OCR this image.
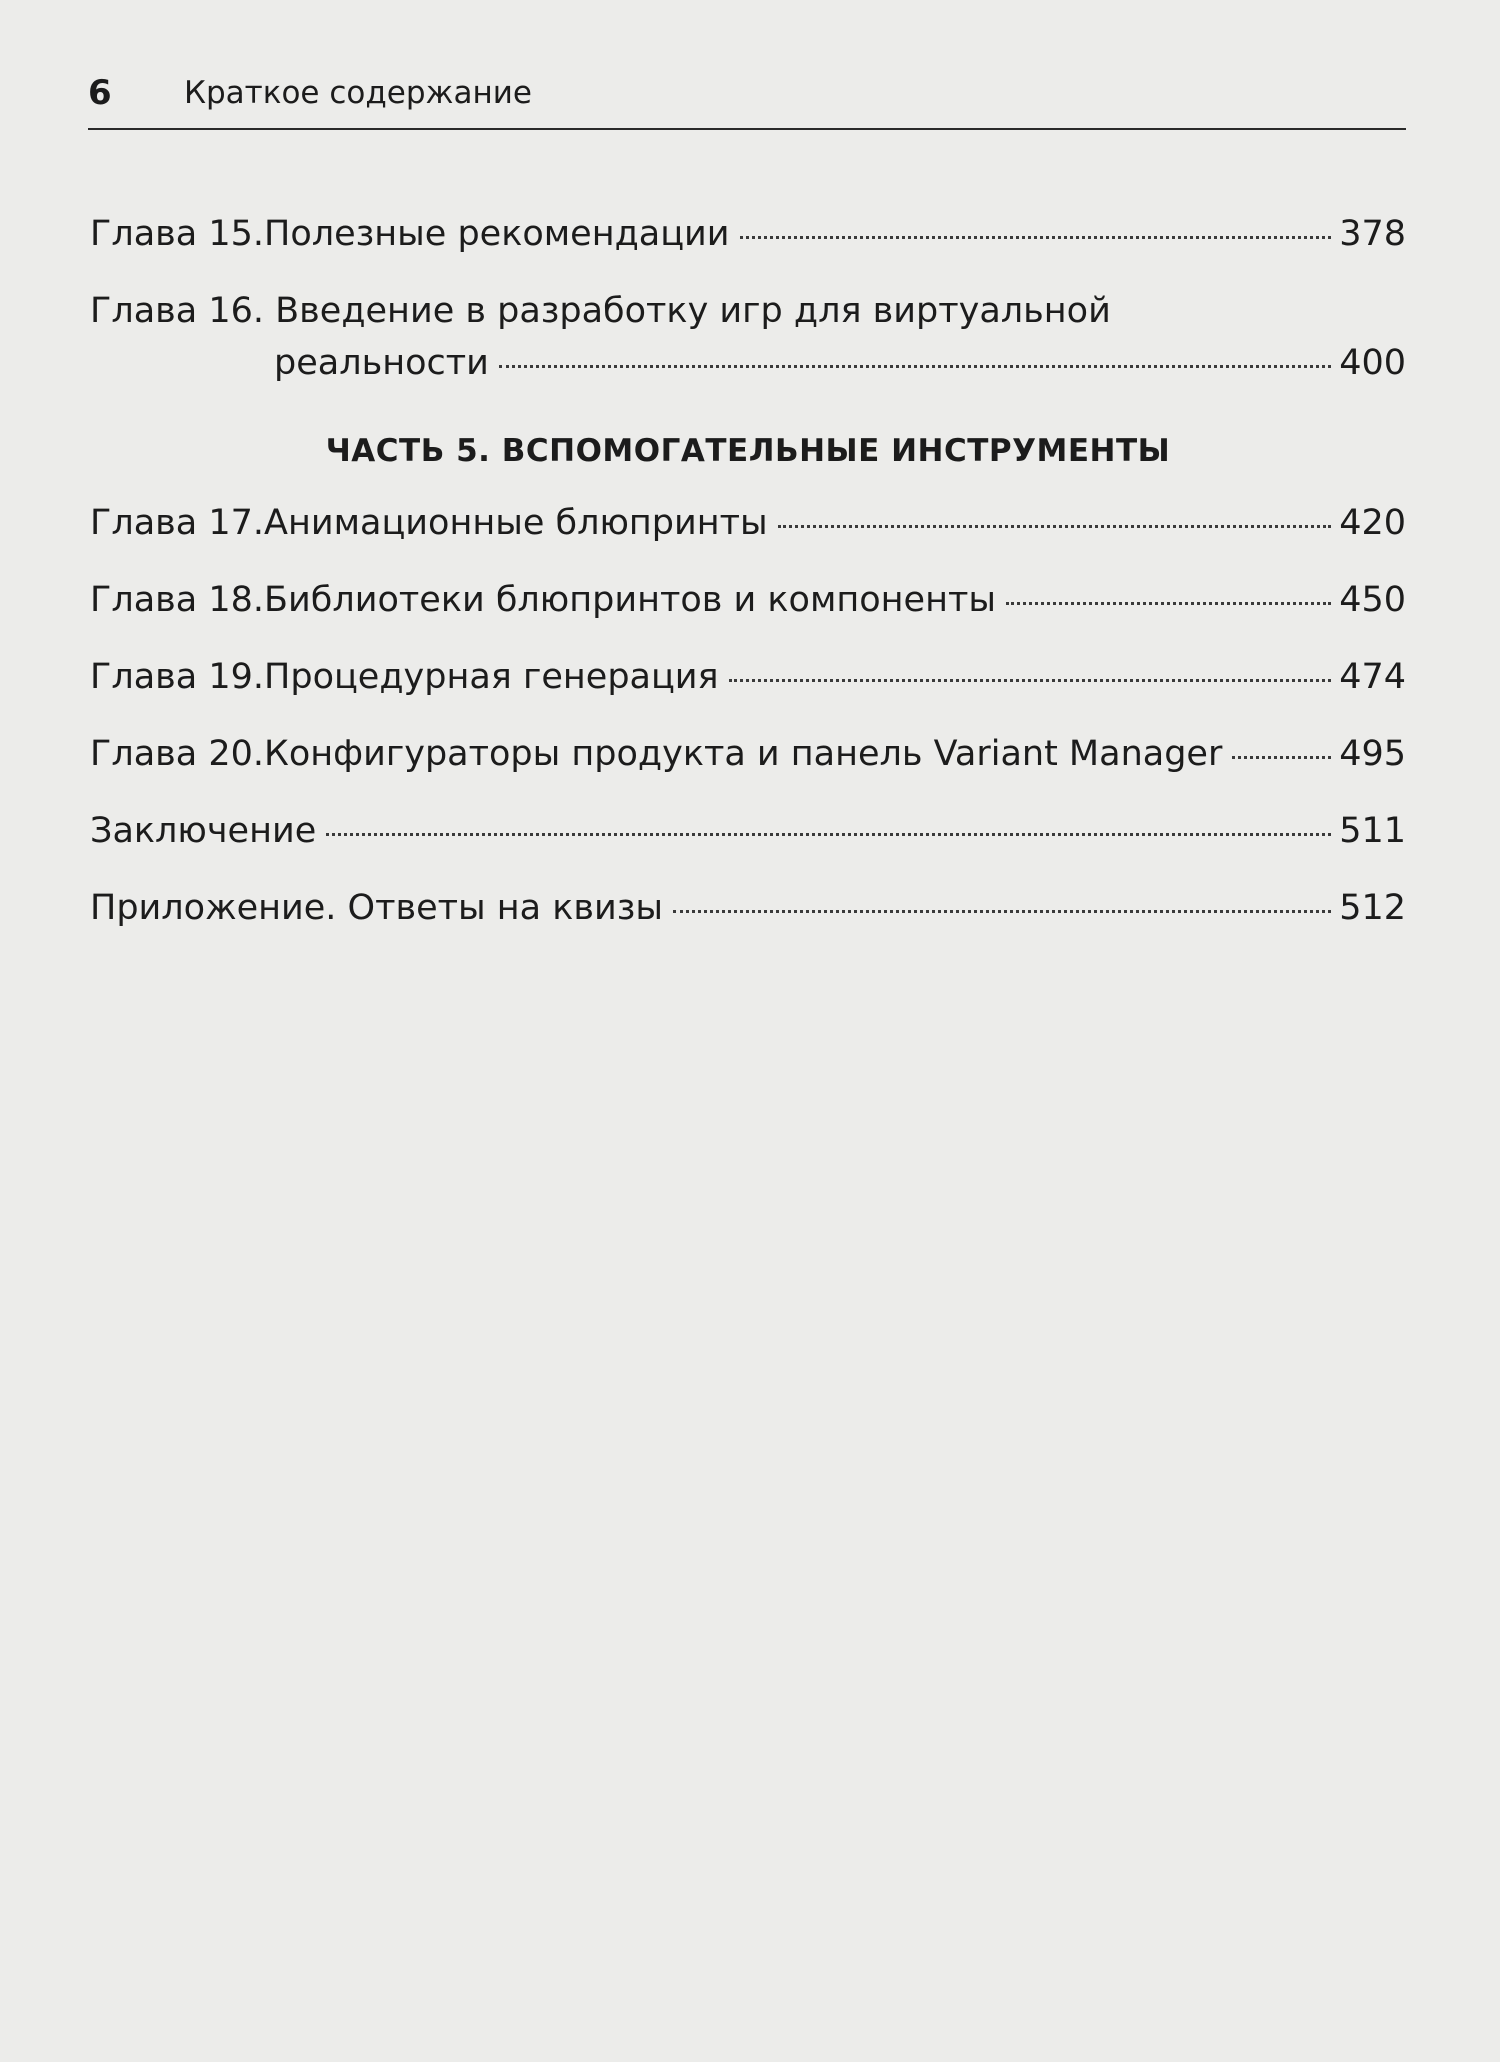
6 Краткое содержание
Глава 15. Полезные рекомендации	378
Глава 16. Введение в разработку игр для виртуальной
реальности	400
ЧАСТЬ 5. ВСПОМОГАТЕЛЬНЫЕ ИНСТРУМЕНТЫ
Глава 17. Анимационные блюпринты	420
Глава 18. Библиотеки блюпринтов и компоненты	450
Глава 19. Процедурная генерация	474
Глава 20. Конфигураторы продукта и панель Variant Manager	495
Заключение	511
Приложение. Ответы на квизы	512
